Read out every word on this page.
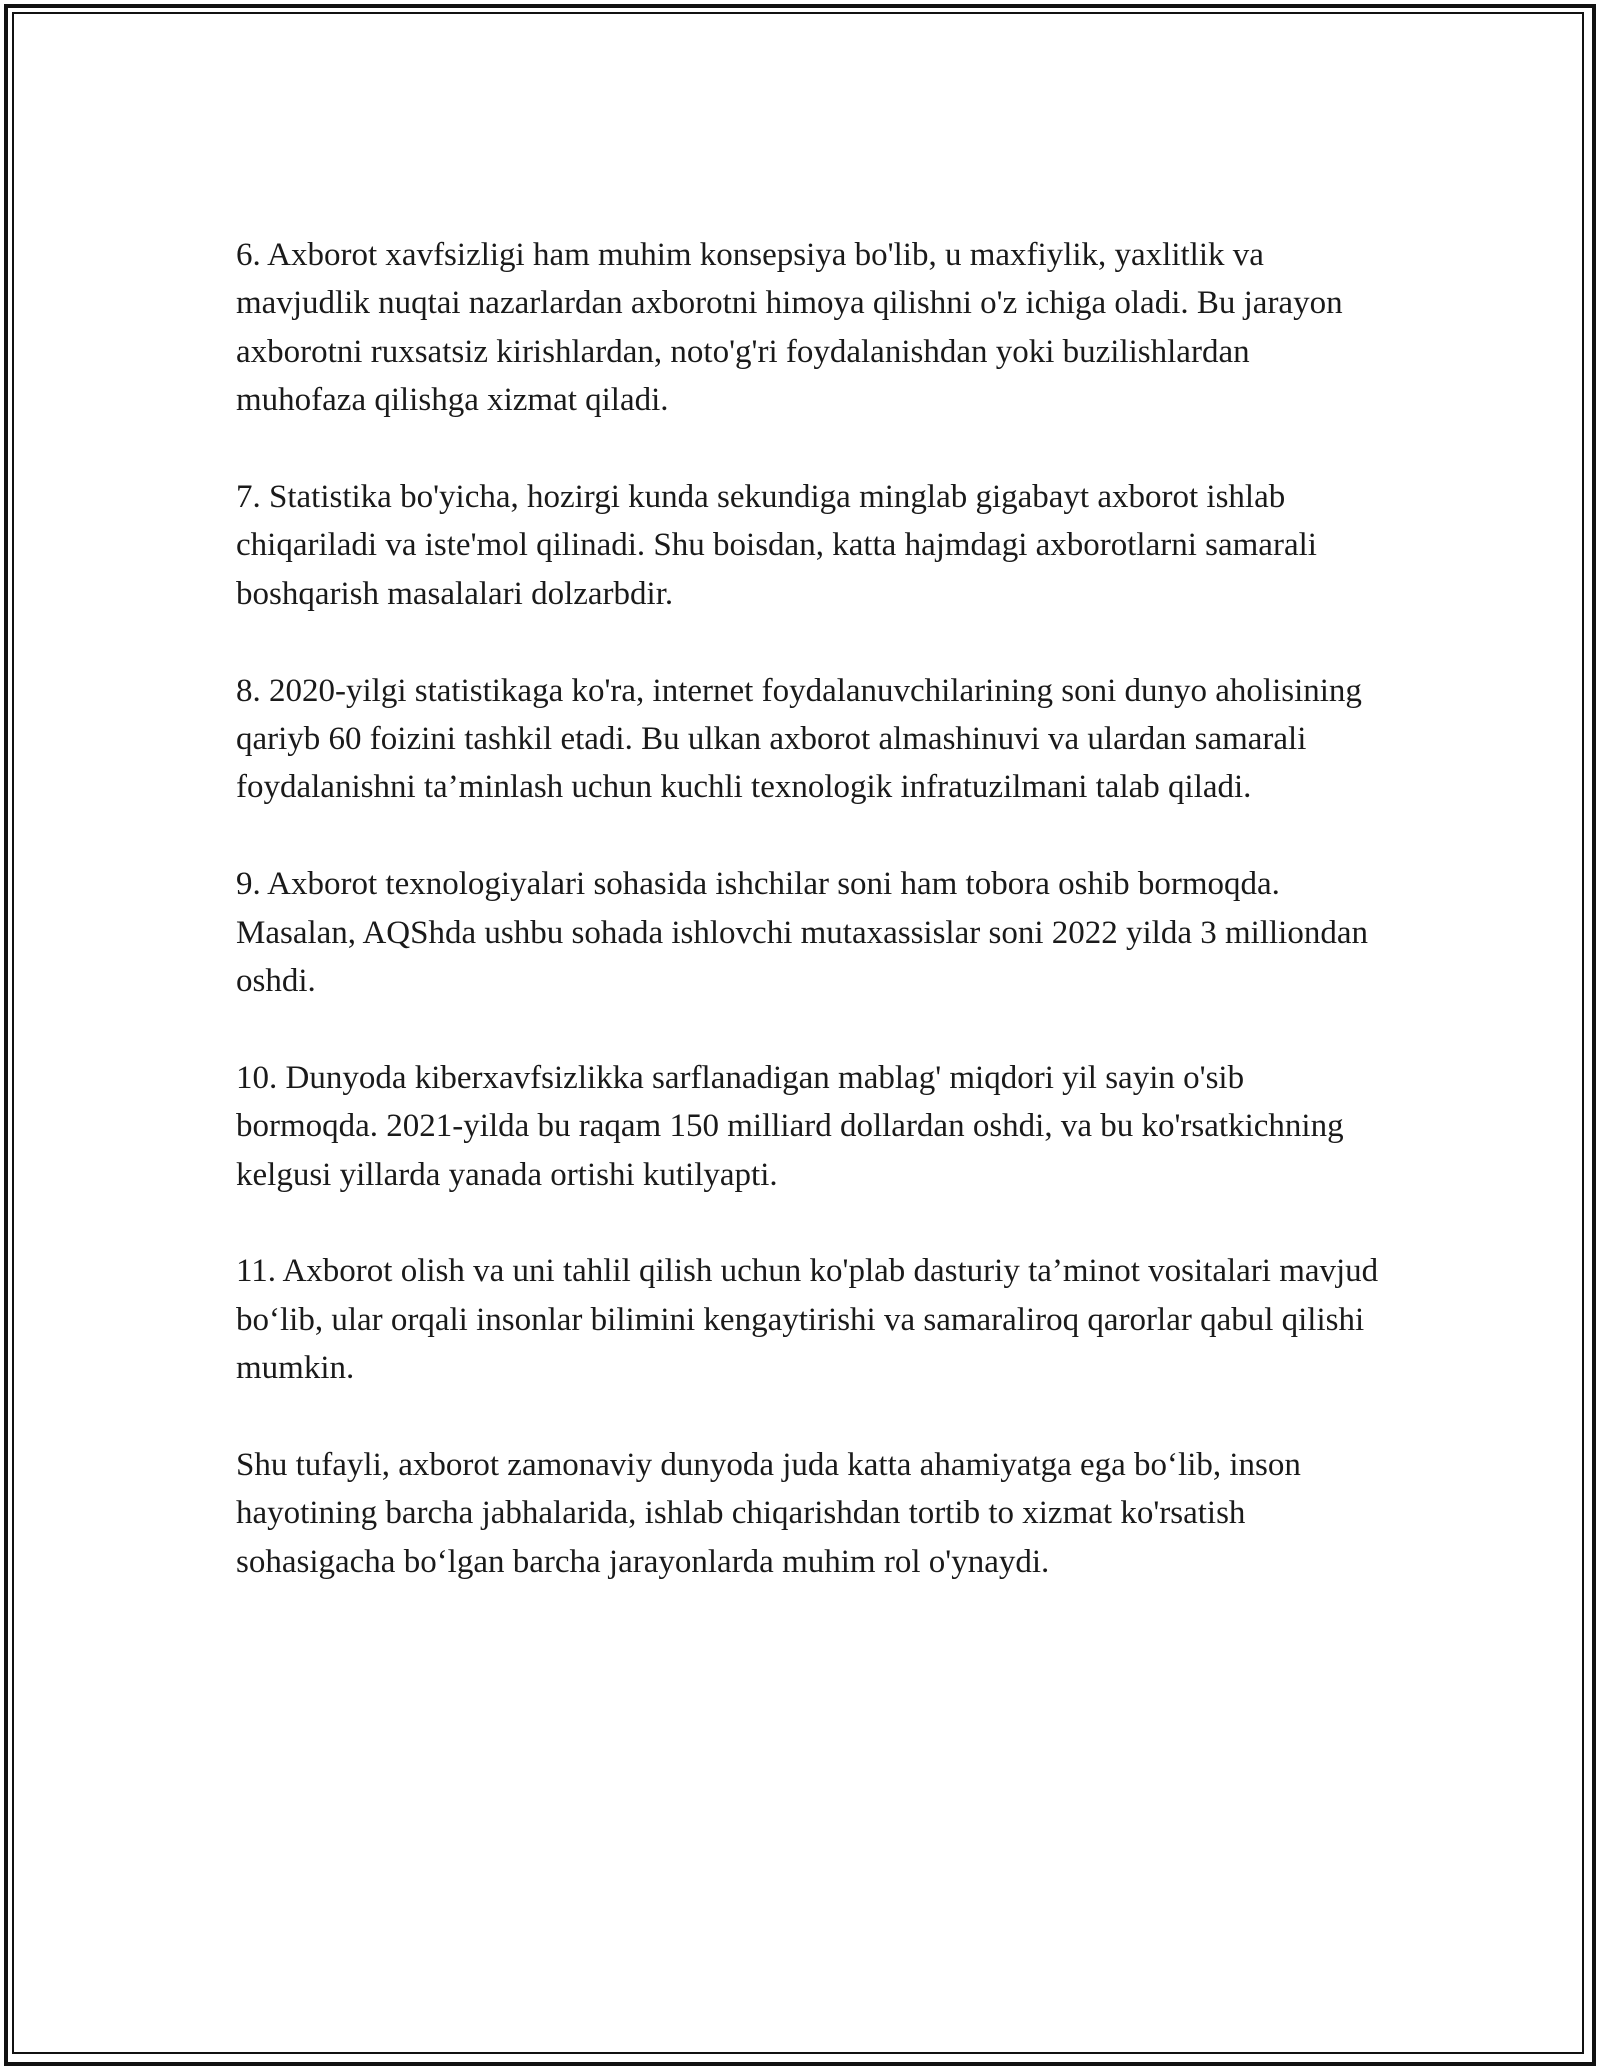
6. Axborot xavfsizligi ham muhim konsepsiya bo'lib, u maxfiylik, yaxlitlik va mavjudlik nuqtai nazarlardan axborotni himoya qilishni o'z ichiga oladi. Bu jarayon axborotni ruxsatsiz kirishlardan, noto'g'ri foydalanishdan yoki buzilishlardan muhofaza qilishga xizmat qiladi.

7. Statistika bo'yicha, hozirgi kunda sekundiga minglab gigabayt axborot ishlab chiqariladi va iste'mol qilinadi. Shu boisdan, katta hajmdagi axborotlarni samarali boshqarish masalalari dolzarbdir.

8. 2020-yilgi statistikaga ko'ra, internet foydalanuvchilarining soni dunyo aholisining qariyb 60 foizini tashkil etadi. Bu ulkan axborot almashinuvi va ulardan samarali foydalanishni ta’minlash uchun kuchli texnologik infratuzilmani talab qiladi.

9. Axborot texnologiyalari sohasida ishchilar soni ham tobora oshib bormoqda. Masalan, AQShda ushbu sohada ishlovchi mutaxassislar soni 2022 yilda 3 milliondan oshdi.

10. Dunyoda kiberxavfsizlikka sarflanadigan mablag' miqdori yil sayin o'sib bormoqda. 2021-yilda bu raqam 150 milliard dollardan oshdi, va bu ko'rsatkichning kelgusi yillarda yanada ortishi kutilyapti.

11. Axborot olish va uni tahlil qilish uchun ko'plab dasturiy ta’minot vositalari mavjud bo‘lib, ular orqali insonlar bilimini kengaytirishi va samaraliroq qarorlar qabul qilishi mumkin.

Shu tufayli, axborot zamonaviy dunyoda juda katta ahamiyatga ega bo‘lib, inson hayotining barcha jabhalarida, ishlab chiqarishdan tortib to xizmat ko'rsatish sohasigacha bo‘lgan barcha jarayonlarda muhim rol o'ynaydi.
